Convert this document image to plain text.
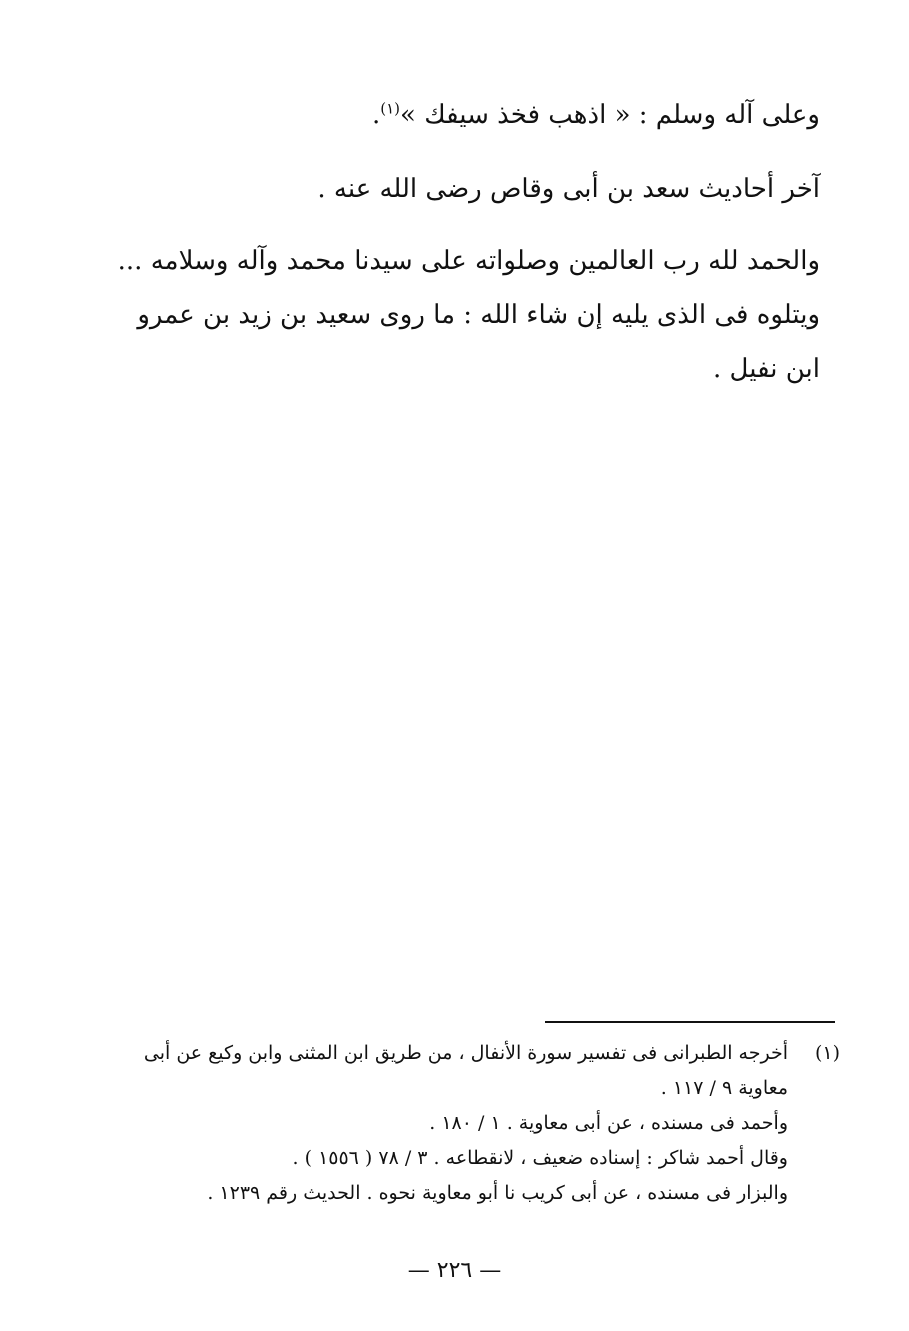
وعلى آله وسلم : « اذهب فخذ سيفك »$^{(١)}$.

آخر أحاديث سعد بن أبى وقاص رضى الله عنه .

والحمد لله رب العالمين وصلواته على سيدنا محمد وآله وسلامه ...

ويتلوه فى الذى يليه إن شاء الله : ما روى سعيد بن زيد بن عمرو

ابن نفيل .

(١)أخرجه الطبرانى فى تفسير سورة الأنفال ، من طريق ابن المثنى وابن وكيع عن أبى

معاوية ٩ / ١١٧ .

وأحمد فى مسنده ، عن أبى معاوية . ١ / ١٨٠ .

وقال أحمد شاكر : إسناده ضعيف ، لانقطاعه . ٣ / ٧٨ ( ١٥٥٦ ) .

والبزار فى مسنده ، عن أبى كريب نا أبو معاوية نحوه . الحديث رقم ١٢٣٩ .

— ٢٢٦ —
